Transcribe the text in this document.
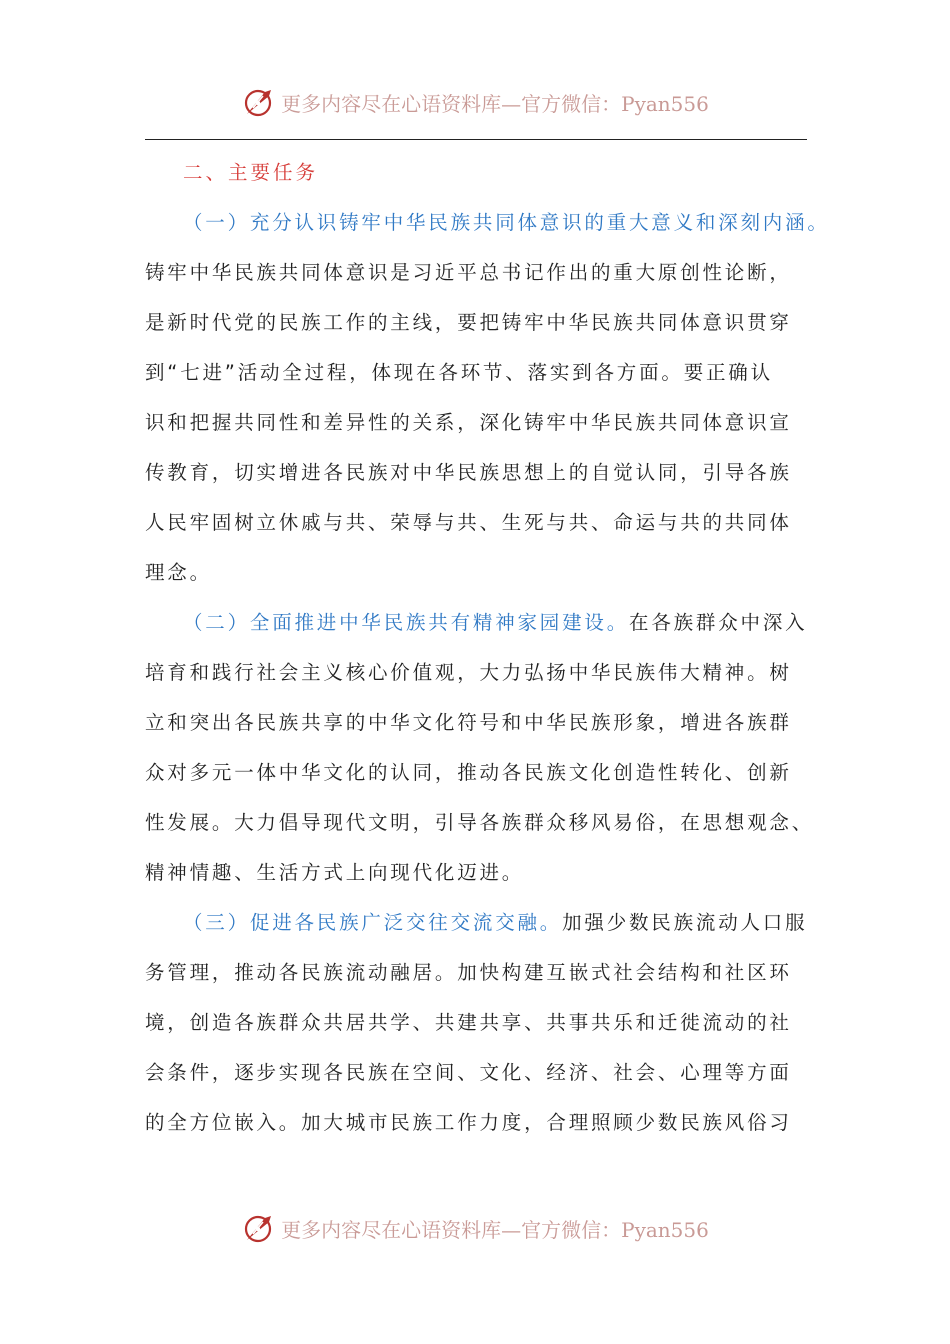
更多内容尽在心语资料库—官方微信：Pyan556
二、主要任务
（一）充分认识铸牢中华民族共同体意识的重大意义和深刻内涵。
铸牢中华民族共同体意识是习近平总书记作出的重大原创性论断，
是新时代党的民族工作的主线，要把铸牢中华民族共同体意识贯穿
到“七进”活动全过程，体现在各环节、落实到各方面。要正确认
识和把握共同性和差异性的关系，深化铸牢中华民族共同体意识宣
传教育，切实增进各民族对中华民族思想上的自觉认同，引导各族
人民牢固树立休戚与共、荣辱与共、生死与共、命运与共的共同体
理念。
（二）全面推进中华民族共有精神家园建设。在各族群众中深入
培育和践行社会主义核心价值观，大力弘扬中华民族伟大精神。树
立和突出各民族共享的中华文化符号和中华民族形象，增进各族群
众对多元一体中华文化的认同，推动各民族文化创造性转化、创新
性发展。大力倡导现代文明，引导各族群众移风易俗，在思想观念、
精神情趣、生活方式上向现代化迈进。
（三）促进各民族广泛交往交流交融。加强少数民族流动人口服
务管理，推动各民族流动融居。加快构建互嵌式社会结构和社区环
境，创造各族群众共居共学、共建共享、共事共乐和迁徙流动的社
会条件，逐步实现各民族在空间、文化、经济、社会、心理等方面
的全方位嵌入。加大城市民族工作力度，合理照顾少数民族风俗习
更多内容尽在心语资料库—官方微信：Pyan556
